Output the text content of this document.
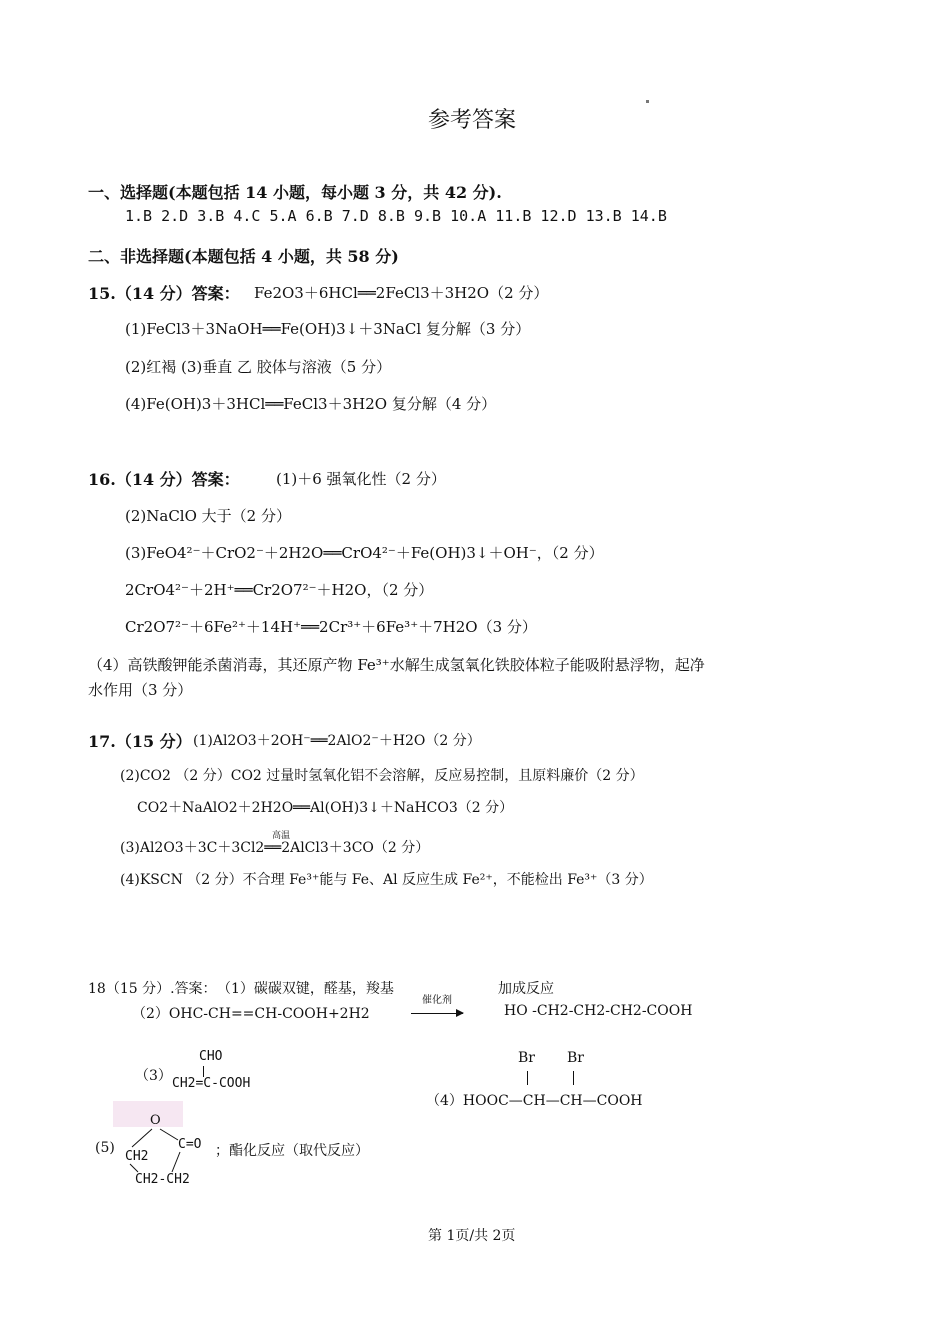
参考答案
一、选择题(本题包括 14 小题，每小题 3 分，共 42 分).
1.B 2.D 3.B 4.C 5.A 6.B 7.D 8.B 9.B 10.A 11.B 12.D 13.B 14.B
二、非选择题(本题包括 4 小题，共 58 分)
15.（14 分）答案： Fe2O3＋6HCl══2FeCl3＋3H2O（2 分）
(1)FeCl3＋3NaOH══Fe(OH)3↓＋3NaCl 复分解（3 分）
(2)红褐 (3)垂直 乙 胶体与溶液（5 分）
(4)Fe(OH)3＋3HCl══FeCl3＋3H2O 复分解（4 分）
16.（14 分）答案： (1)＋6 强氧化性（2 分）
(2)NaClO 大于（2 分）
(3)FeO4²⁻＋CrO2⁻＋2H2O══CrO4²⁻＋Fe(OH)3↓＋OH⁻，（2 分）
2CrO4²⁻＋2H⁺══Cr2O7²⁻＋H2O，（2 分）
Cr2O7²⁻＋6Fe²⁺＋14H⁺══2Cr³⁺＋6Fe³⁺＋7H2O（3 分）
（4）高铁酸钾能杀菌消毒，其还原产物 Fe³⁺水解生成氢氧化铁胶体粒子能吸附悬浮物，起净
水作用（3 分）
17.（15 分） (1)Al2O3＋2OH⁻══2AlO2⁻＋H2O（2 分）
(2)CO2 （2 分）CO2 过量时氢氧化铝不会溶解，反应易控制，且原料廉价（2 分）
CO2＋NaAlO2＋2H2O══Al(OH)3↓＋NaHCO3（2 分）
高温
(3)Al2O3＋3C＋3Cl2══2AlCl3＋3CO（2 分）
(4)KSCN （2 分）不合理 Fe³⁺能与 Fe、Al 反应生成 Fe²⁺，不能检出 Fe³⁺（3 分）
18（15 分）.答案： （1）碳碳双键，醛基，羧基	加成反应
（2）OHC-CH==CH-COOH+2H2
催化剂
HO -CH2-CH2-CH2-COOH
（3）
CHO
CH2=C-COOH
Br Br
（4）HOOC—CH—CH—COOH
(5)
O
C=O
CH2
CH2-CH2
；酯化反应（取代反应）
第 1页/共 2页
